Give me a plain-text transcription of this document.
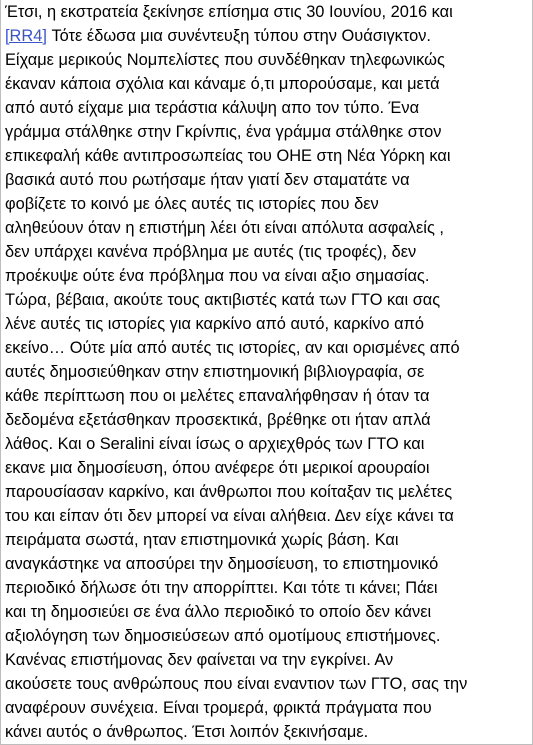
Έτσι, η εκστρατεία ξεκίνησε επίσημα στις 30 Ιουνίου, 2016 και
[RR4] Τότε έδωσα μια συνέντευξη τύπου στην Ουάσιγκτον.
Είχαμε μερικούς Νομπελίστες που συνδέθηκαν τηλεφωνικώς
έκαναν κάποια σχόλια και κάναμε ό,τι μπορούσαμε, και μετά
από αυτό είχαμε μια τεράστια κάλυψη απο τον τύπο. Ένα
γράμμα στάλθηκε στην Γκρίνπις, ένα γράμμα στάλθηκε στον
επικεφαλή κάθε αντιπροσωπείας του ΟΗΕ στη Νέα Υόρκη και
βασικά αυτό που ρωτήσαμε ήταν γιατί δεν σταματάτε να
φοβίζετε το κοινό με όλες αυτές τις ιστορίες που δεν
αληθεύουν όταν η επιστήμη λέει ότι είναι απόλυτα ασφαλείς ,
δεν υπάρχει κανένα πρόβλημα με αυτές (τις τροφές), δεν
προέκυψε ούτε ένα πρόβλημα που να είναι αξιο σημασίας.
Τώρα, βέβαια, ακούτε τους ακτιβιστές κατά των ΓΤΟ και σας
λένε αυτές τις ιστορίες για καρκίνο από αυτό, καρκίνο από
εκείνο… Ούτε μία από αυτές τις ιστορίες, αν και ορισμένες από
αυτές δημοσιεύθηκαν στην επιστημονική βιβλιογραφία, σε
κάθε περίπτωση που οι μελέτες επαναλήφθησαν ή όταν τα
δεδομένα εξετάσθηκαν προσεκτικά, βρέθηκε οτι ήταν απλά
λάθος. Και ο Seralini είναι ίσως ο αρχιεχθρός των ΓΤΟ και
εκανε μια δημοσίευση, όπου ανέφερε ότι μερικοί αρουραίοι
παρουσίασαν καρκίνο, και άνθρωποι που κοίταξαν τις μελέτες
του και είπαν ότι δεν μπορεί να είναι αλήθεια. Δεν είχε κάνει τα
πειράματα σωστά, ηταν επιστημονικά χωρίς βάση. Και
αναγκάστηκε να αποσύρει την δημοσίευση, το επιστημονικό
περιοδικό δήλωσε ότι την απορρίπτει. Και τότε τι κάνει; Πάει
και τη δημοσιεύει σε ένα άλλο περιοδικό το οποίο δεν κάνει
αξιολόγηση των δημοσιεύσεων από ομοτίμους επιστήμονες.
Κανένας επιστήμονας δεν φαίνεται να την εγκρίνει. Αν
ακούσετε τους ανθρώπους που είναι εναντιον των ΓΤΟ, σας την
αναφέρουν συνέχεια. Είναι τρομερά, φρικτά πράγματα που
κάνει αυτός ο άνθρωπος. Έτσι λοιπόν ξεκινήσαμε.
